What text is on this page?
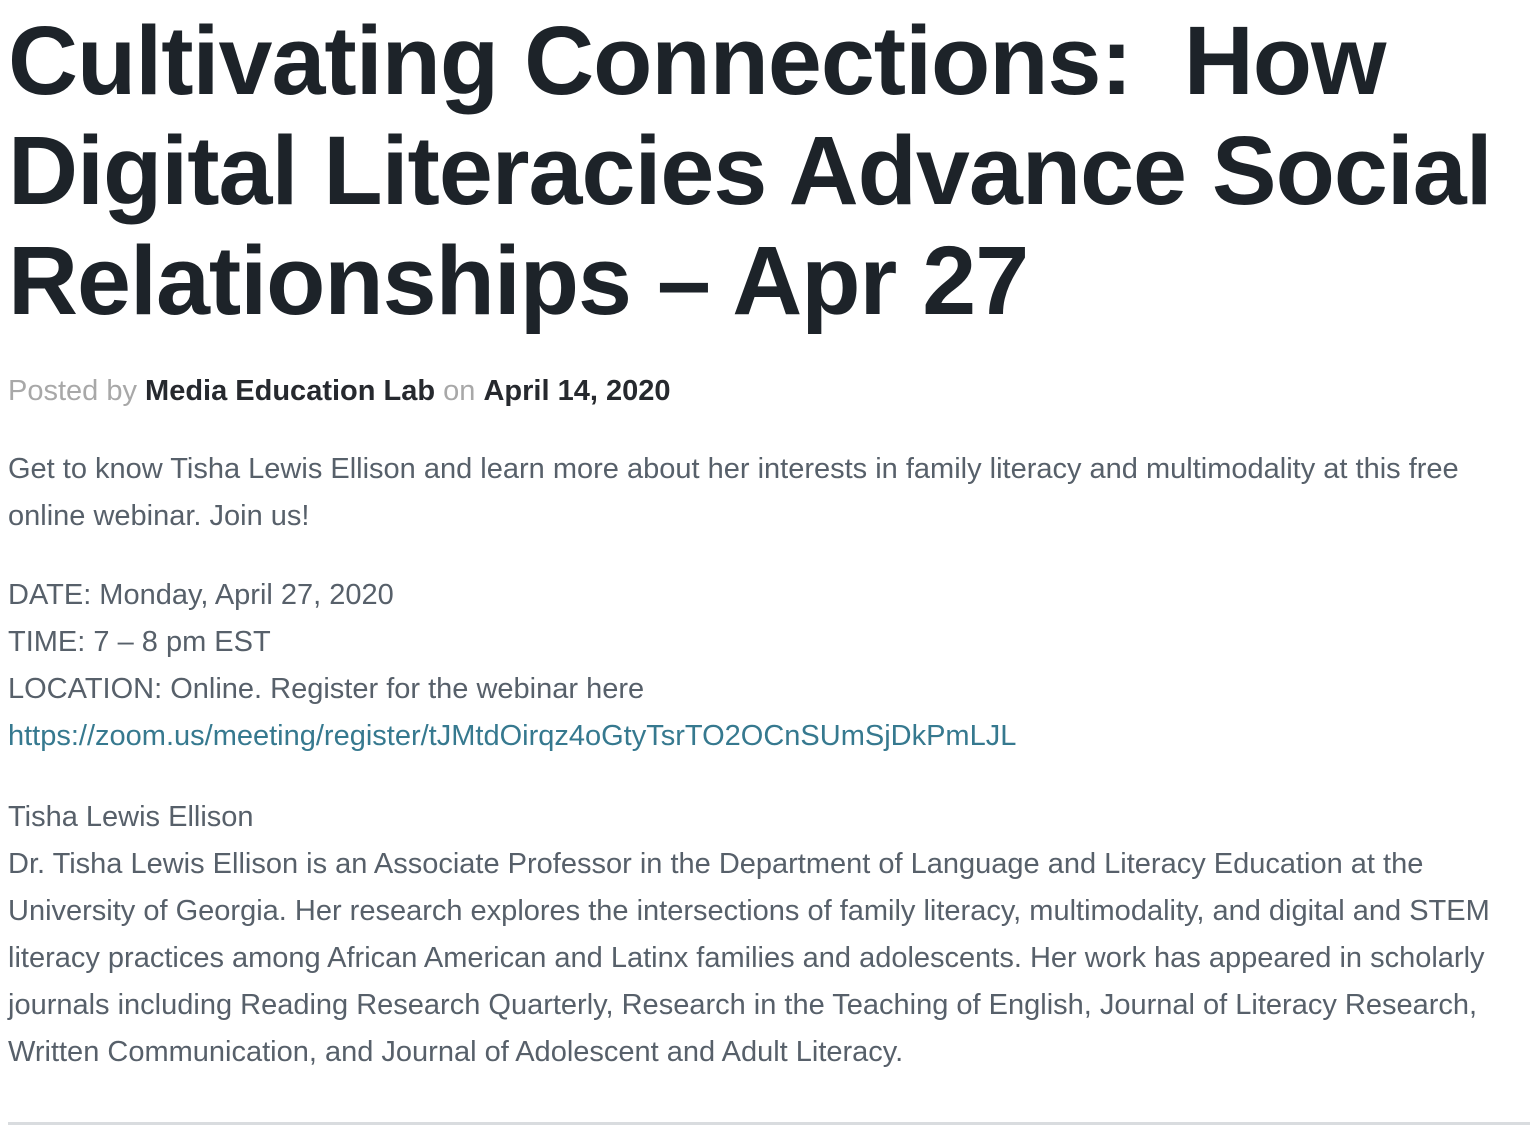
Cultivating Connections:  How Digital Literacies Advance Social Relationships – Apr 27

Posted by Media Education Lab on April 14, 2020

Get to know Tisha Lewis Ellison and learn more about her interests in family literacy and multimodality at this free online webinar. Join us!

DATE: Monday, April 27, 2020
TIME: 7 – 8 pm EST
LOCATION: Online. Register for the webinar here
https://zoom.us/meeting/register/tJMtdOirqz4oGtyTsrTO2OCnSUmSjDkPmLJL
Tisha Lewis Ellison
Dr. Tisha Lewis Ellison is an Associate Professor in the Department of Language and Literacy Education at the University of Georgia. Her research explores the intersections of family literacy, multimodality, and digital and STEM literacy practices among African American and Latinx families and adolescents. Her work has appeared in scholarly journals including Reading Research Quarterly, Research in the Teaching of English, Journal of Literacy Research, Written Communication, and Journal of Adolescent and Adult Literacy.
